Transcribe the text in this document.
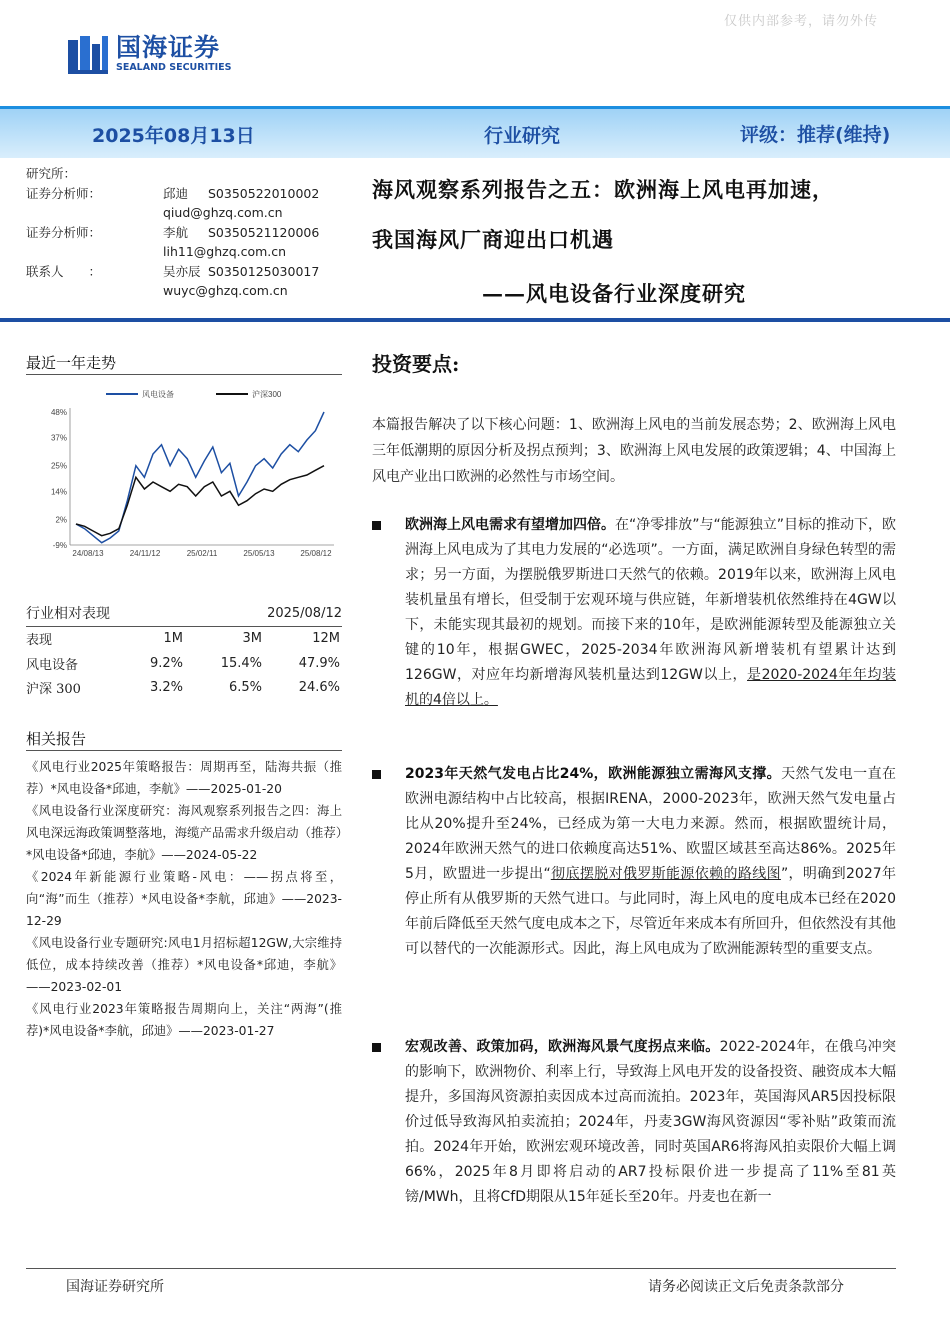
仅供内部参考，请勿外传
国海证券
SEALAND SECURITIES
2025年08月13日	行业研究	评级：推荐(维持)
研究所：
证券分析师：	邱迪 S0350522010002
qiud@ghzq.com.cn
证券分析师：	李航 S0350521120006
lih11@ghzq.com.cn
联系人　　：	吴亦辰 S0350125030017
wuyc@ghzq.com.cn
海风观察系列报告之五：欧洲海上风电再加速，
我国海风厂商迎出口机遇
——风电设备行业深度研究
最近一年走势
48%
37%
25%
14%
2%
-9%
24/08/13	24/11/12	25/02/11	25/05/13	25/08/12
风电设备	沪深300
行业相对表现	2025/08/12
表现	1M	3M	12M
风电设备	9.2%	15.4%	47.9%
沪深 300	3.2%	6.5%	24.6%
相关报告

《风电行业2025年策略报告：周期再至，陆海共振（推荐）*风电设备*邱迪，李航》——2025-01-20

《风电设备行业深度研究：海风观察系列报告之四：海上风电深远海政策调整落地，海缆产品需求升级启动（推荐）*风电设备*邱迪，李航》——2024-05-22

《2024年新能源行业策略-风电：——拐点将至，向“海”而生（推荐）*风电设备*李航，邱迪》——2023-12-29

《风电设备行业专题研究:风电1月招标超12GW,大宗维持低位，成本持续改善（推荐）*风电设备*邱迪，李航》——2023-02-01

《风电行业2023年策略报告周期向上，关注“两海”(推荐)*风电设备*李航，邱迪》——2023-01-27

投资要点:
本篇报告解决了以下核心问题：1、欧洲海上风电的当前发展态势；2、欧洲海上风电三年低潮期的原因分析及拐点预判；3、欧洲海上风电发展的政策逻辑；4、中国海上风电产业出口欧洲的必然性与市场空间。
欧洲海上风电需求有望增加四倍。在“净零排放”与“能源独立”目标的推动下，欧洲海上风电成为了其电力发展的“必选项”。一方面，满足欧洲自身绿色转型的需求；另一方面，为摆脱俄罗斯进口天然气的依赖。2019年以来，欧洲海上风电装机量虽有增长，但受制于宏观环境与供应链，年新增装机依然维持在4GW以下，未能实现其最初的规划。而接下来的10年，是欧洲能源转型及能源独立关键的10年，根据GWEC，2025-2034年欧洲海风新增装机有望累计达到126GW，对应年均新增海风装机量达到12GW以上，是2020-2024年年均装机的4倍以上。
2023年天然气发电占比24%，欧洲能源独立需海风支撑。天然气发电一直在欧洲电源结构中占比较高，根据IRENA，2000-2023年，欧洲天然气发电量占比从20%提升至24%，已经成为第一大电力来源。然而，根据欧盟统计局，2024年欧洲天然气的进口依赖度高达51%、欧盟区域甚至高达86%。2025年5月，欧盟进一步提出“彻底摆脱对俄罗斯能源依赖的路线图”，明确到2027年停止所有从俄罗斯的天然气进口。与此同时，海上风电的度电成本已经在2020年前后降低至天然气度电成本之下，尽管近年来成本有所回升，但依然没有其他可以替代的一次能源形式。因此，海上风电成为了欧洲能源转型的重要支点。
宏观改善、政策加码，欧洲海风景气度拐点来临。2022-2024年，在俄乌冲突的影响下，欧洲物价、利率上行，导致海上风电开发的设备投资、融资成本大幅提升，多国海风资源拍卖因成本过高而流拍。2023年，英国海风AR5因投标限价过低导致海风拍卖流拍；2024年，丹麦3GW海风资源因“零补贴”政策而流拍。2024年开始，欧洲宏观环境改善，同时英国AR6将海风拍卖限价大幅上调66%，2025年8月即将启动的AR7投标限价进一步提高了11%至81英镑/MWh，且将CfD期限从15年延长至20年。丹麦也在新一
国海证券研究所	请务必阅读正文后免责条款部分
